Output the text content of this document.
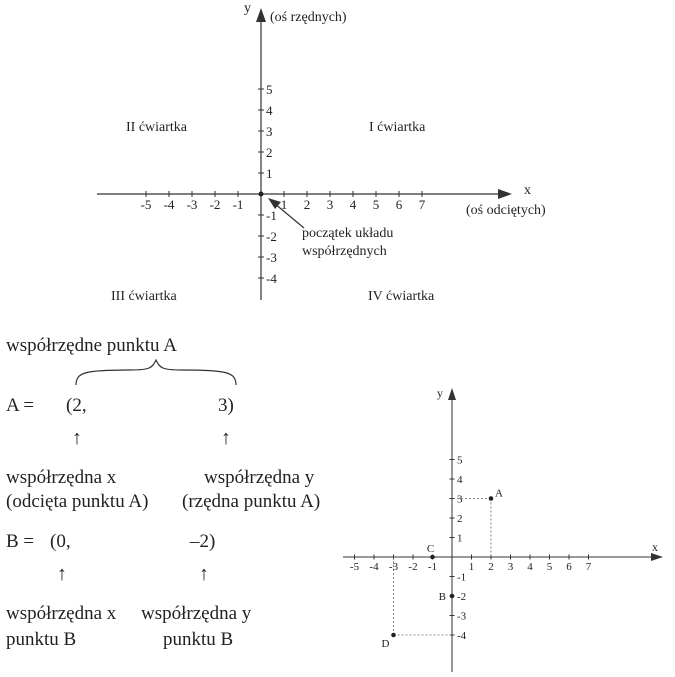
-5 -4 -3 -2 -1	1 2 3 4 5 6 7
5
4
3
2
1
-1
-2
-3
-4
-5 -4 -3 -2 -1	1 2 3 4 5 6 7
5
4
3
2
1
-1
-2
-3
-4
A
B
C
D
y
(oś rzędnych)
x
(oś odciętych)
II ćwiartka	I ćwiartka
III ćwiartka	IV ćwiartka
początek układu
współrzędnych
współrzędne punktu A
A = (2,	3)
↑	↑
współrzędna x
(odcięta punktu A)
współrzędna y
(rzędna punktu A)
B = (0,	–2)
↑	↑
współrzędna x
punktu B
współrzędna y
punktu B
y
x
